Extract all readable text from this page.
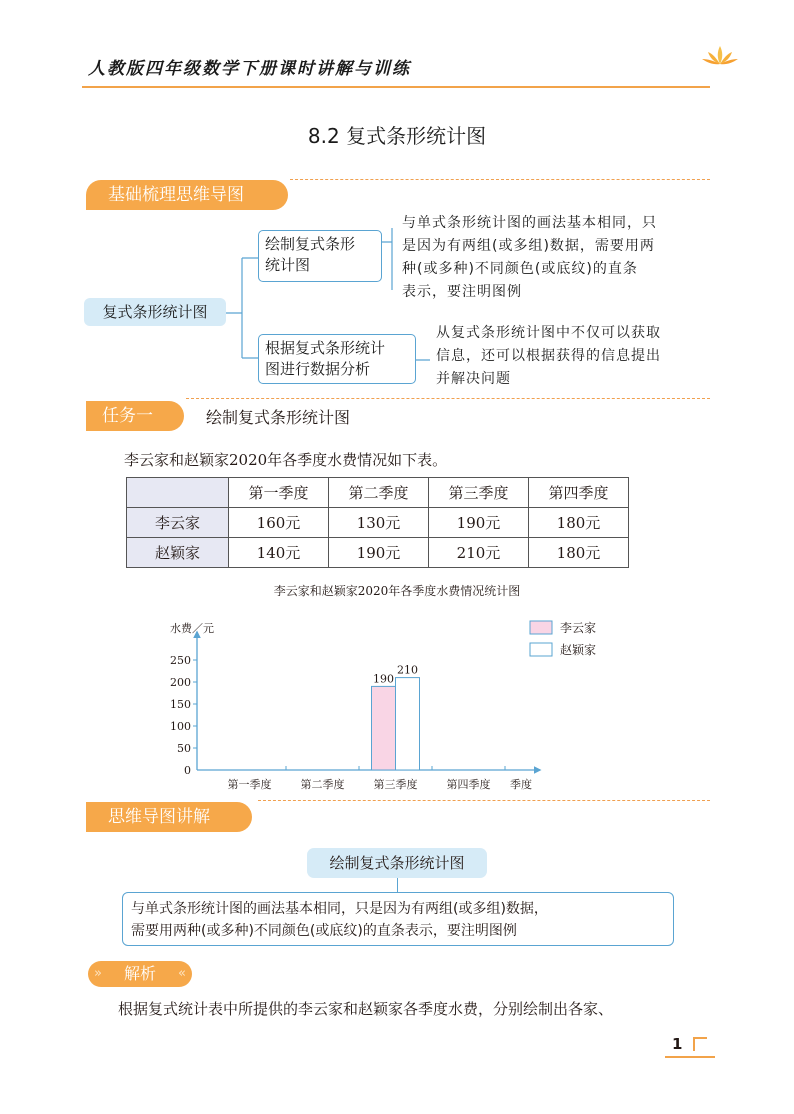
人教版四年级数学下册课时讲解与训练
8.2 复式条形统计图
基础梳理思维导图
复式条形统计图
绘制复式条形
统计图
与单式条形统计图的画法基本相同，只
是因为有两组(或多组)数据，需要用两
种(或多种)不同颜色(或底纹)的直条
表示，要注明图例
根据复式条形统计
图进行数据分析
从复式条形统计图中不仅可以获取
信息，还可以根据获得的信息提出
并解决问题
任务一	绘制复式条形统计图
李云家和赵颖家2020年各季度水费情况如下表。
	第一季度	第二季度	第三季度	第四季度
李云家	160元	130元	190元	180元
赵颖家	140元	190元	210元	180元
李云家和赵颖家2020年各季度水费情况统计图
水费／元
季度
0
50
100
150
200
250
第一季度	第二季度	第三季度	第四季度
190
210
李云家
赵颖家
思维导图讲解
绘制复式条形统计图
与单式条形统计图的画法基本相同，只是因为有两组(或多组)数据，
需要用两种(或多种)不同颜色(或底纹)的直条表示，要注明图例
» 解析 «
根据复式统计表中所提供的李云家和赵颖家各季度水费，分别绘制出各家、
1
